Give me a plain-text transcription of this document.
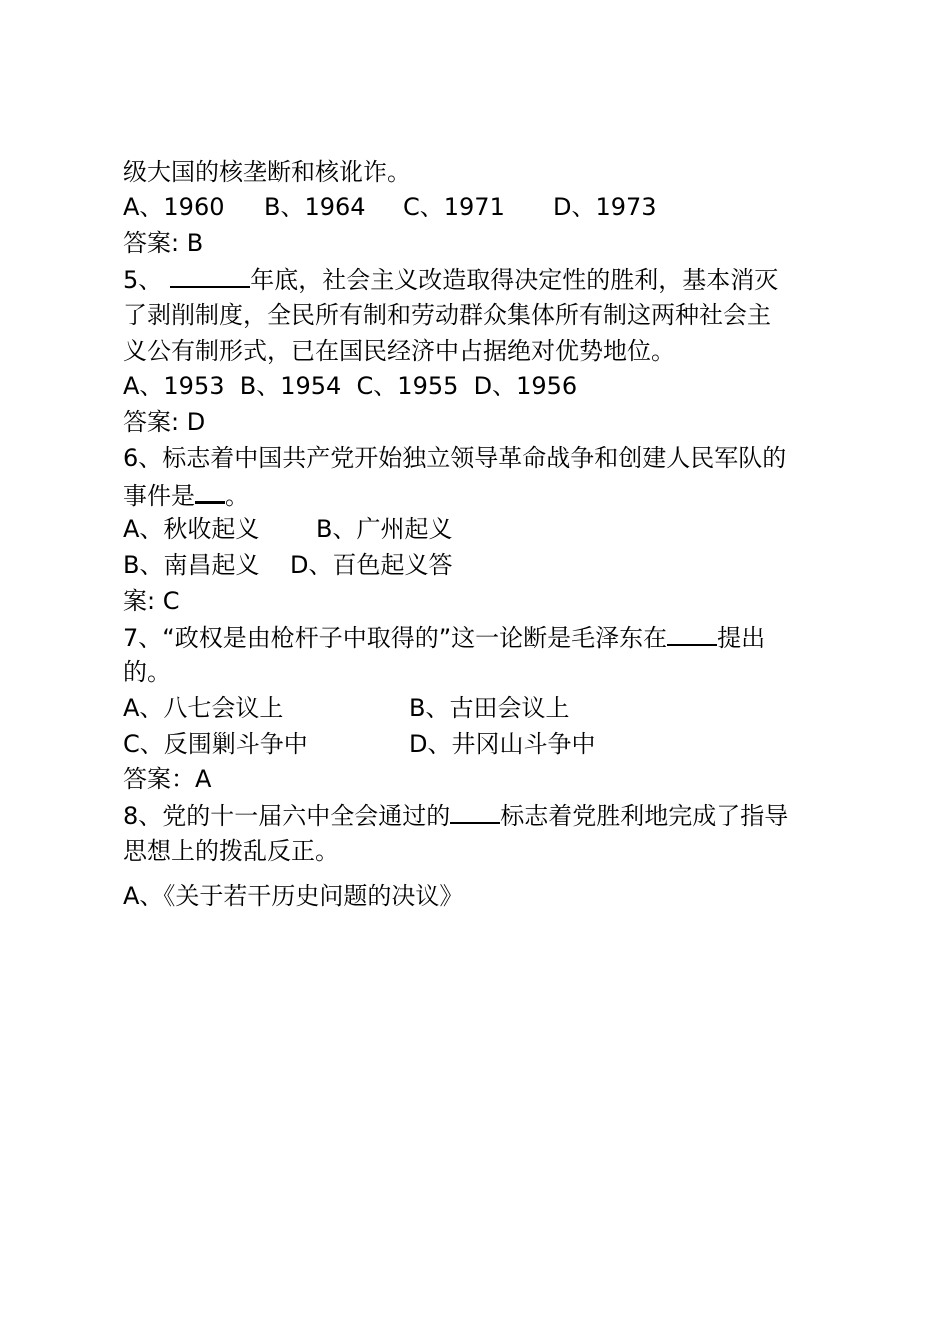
级大国的核垄断和核讹诈。
A、1960 B、1964 C、1971 D、1973
答案: B
5、	年底，社会主义改造取得决定性的胜利，基本消灭
了剥削制度，全民所有制和劳动群众集体所有制这两种社会主
义公有制形式，已在国民经济中占据绝对优势地位。
A、1953  B、1954  C、1955  D、1956
答案: D
6、标志着中国共产党开始独立领导革命战争和创建人民军队的
事件是 。
A、秋收起义 B、广州起义
B、南昌起义 D、百色起义答
案: C
7、“政权是由枪杆子中取得的”这一论断是毛泽东在 提出
的。
A、八七会议上	B、古田会议上
C、反围剿斗争中	D、井冈山斗争中
答案：A
8、党的十一届六中全会通过的 标志着党胜利地完成了指导
思想上的拨乱反正。
A、《关于若干历史问题的决议》
